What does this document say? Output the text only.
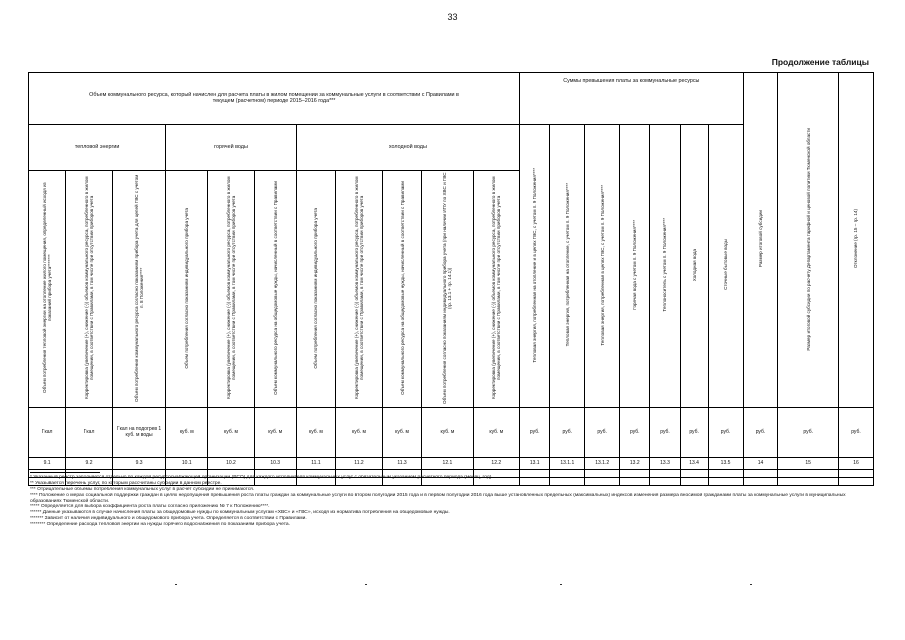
33
Продолжение таблицы
Объем коммунального ресурса, который начислен для расчета платы в жилом помещении за коммунальные услуги в соответствии с Правилами в текущем (расчетном) периоде 2015–2016 года***											Суммы превышения платы за коммунальные ресурсы							Размер итоговой субсидии	Размер итоговой субсидии по расчету Департамента тарифной и ценовой политики Тюменской области	Отклонение (гр. 15 – гр. 14)
тепловой энергии			горячей воды			холодной воды					Тепловая энергия, потребленная на отопление и в целях ГВС, с учетом п. 9 Положения****	Тепловая энергия, потребленная на отопление, с учетом п. 9 Положения****	Тепловая энергия, потребленная в целях ГВС, с учетом п. 9 Положения****	Горячая вода с учетом п. 9 Положения****	Теплоноситель с учетом п. 9 Положения****	Холодная вода	Сточные бытовые воды			
Объем потребления тепловой энергии на отопление жилого помещения, определенный исходя из показаний прибора учета*******	Корректировка (увеличение (+), снижение (-)) объемов коммунального ресурса, потребленного в жилом помещении, в соответствии с Правилами, в том числе при отсутствии приборов учета	Объем потребления коммунального ресурса согласно показаниям прибора учета для целей ГВС с учетом п. 8 Положения****	Объем потребления согласно показаниям индивидуального прибора учета	Корректировка (увеличение (+), снижение (-)) объемов коммунального ресурса, потребленного в жилом помещении, в соответствии с Правилами, в том числе при отсутствии приборов учета	Объем коммунального ресурса на общедомовые нужды, начисленный в соответствии с Правилами	Объем потребления согласно показаниям индивидуального прибора учета	Корректировка (увеличение (+), снижение (-)) объемов коммунального ресурса, потребленного в жилом помещении, в соответствии с Правилами, в том числе при отсутствии приборов учета	Объем коммунального ресурса на общедомовые нужды, начисленный в соответствии с Правилами	Объем потребления согласно показаниям индивидуального прибора учета (при наличии ИПУ по ХВС и ГВС (гр. 13.1 + гр. 14.1))	Корректировка (увеличение (+), снижение (-)) объемов коммунального ресурса, потребленного в жилом помещении, в соответствии с Правилами, в том числе при отсутствии приборов учета										
Гкал	Гкал	Гкал на подогрев 1 куб. м воды	куб. м	куб. м	куб. м	куб. м	куб. м	куб. м	куб. м	куб. м	руб.	руб.	руб.	руб.	руб.	руб.	руб.	руб.	руб.	руб.
9.1	9.2	9.3	10.1	10.2	10.3	11.1	11.2	11.3	12.1	12.2	13.1	13.1.1	13.1.2	13.2	13.3	13.4	13.5	14	15	16

* Указанный реестр заполняется отдельно по каждой ресурсоснабжающей организации (РСО) для каждого исполнителя коммунальных услуг с обязательным указанием расчетного периода (месяц, год).
** Указывается перечень услуг, по которым рассчитаны субсидии в данном реестре.
*** Отрицательные объемы потребления коммунальных услуг в расчет субсидии не принимаются.
**** Положение о мерах социальной поддержки граждан в целях недопущения превышения роста платы граждан за коммунальные услуги во втором полугодии 2015 года и в первом полугодии 2016 года выше установленных предельных (максимальных) индексов изменения размера вносимой гражданами платы за коммунальные услуги в муниципальных образованиях Тюменской области.
***** Определяется для выбора коэффициента роста платы согласно приложению № 7 к Положению****.
****** Данные указываются в случае начисления платы за общедомовые нужды по коммунальным услугам «ХВС» и «ГВС», исходя из норматива потребления на общедомовые нужды.
******* Зависит от наличия индивидуального и общедомового прибора учета. Определяется в соответствии с Правилами.
******** Определение расхода тепловой энергии на нужды горячего водоснабжения по показаниям прибора учета.
